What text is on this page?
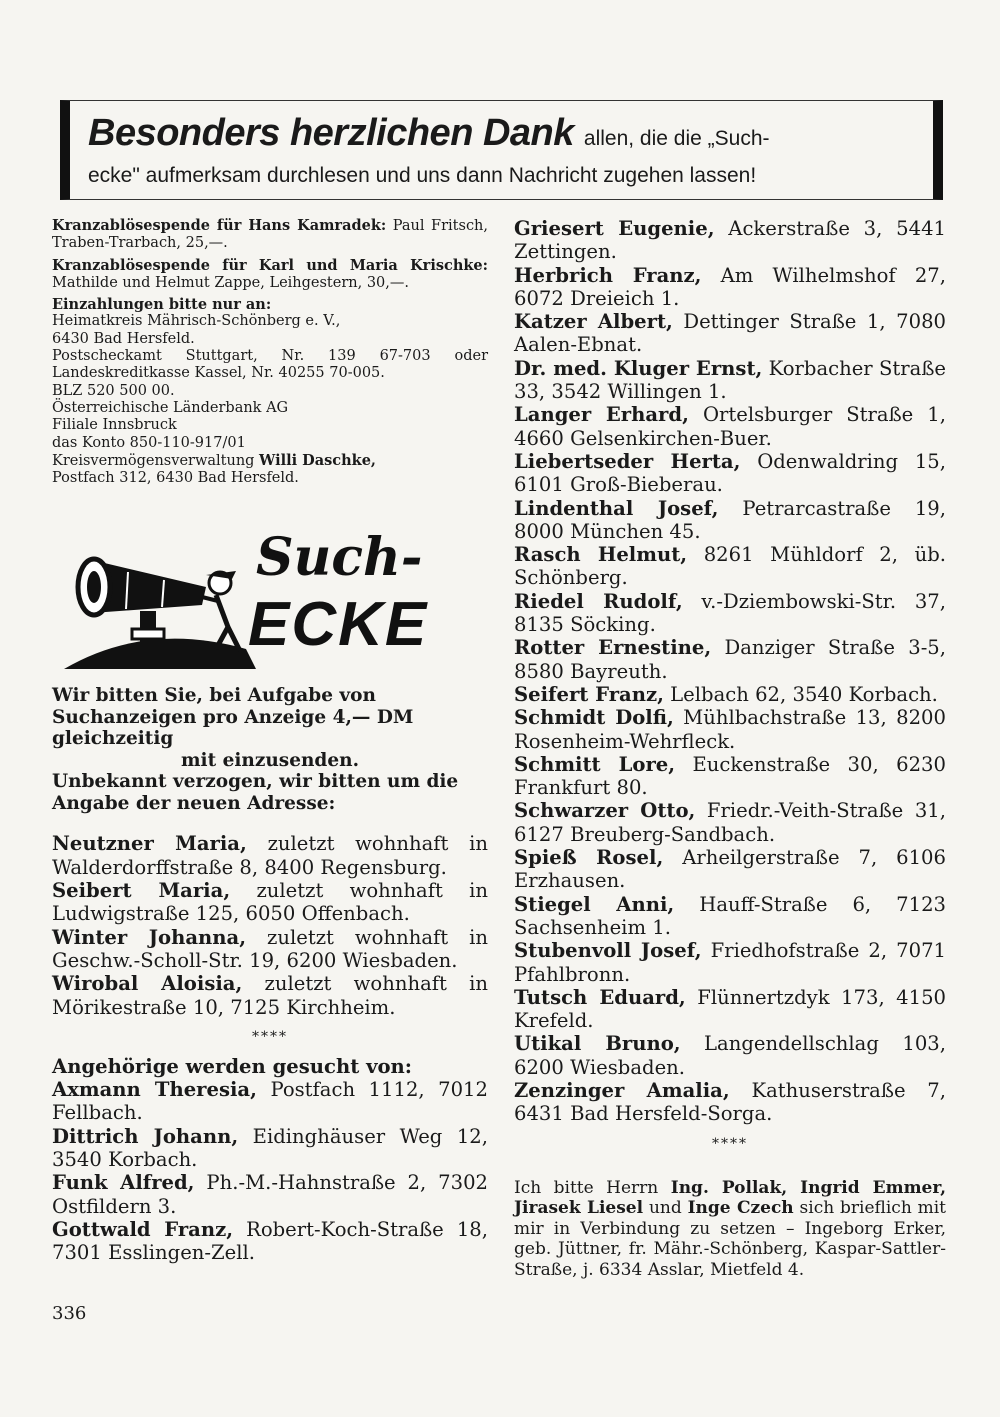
Besonders herzlichen Dank allen, die die „Such-
ecke" aufmerksam durchlesen und uns dann Nachricht zugehen lassen!

Kranzablösespende für Hans Kamradek: Paul Fritsch, Traben-Trarbach, 25,—.

Kranzablösespende für Karl und Maria Krischke: Mathilde und Helmut Zappe, Leihgestern, 30,—.

Einzahlungen bitte nur an:
Heimatkreis Mährisch-Schönberg e. V.,
6430 Bad Hersfeld.
Postscheckamt Stuttgart, Nr. 139 67-703 oder Landeskreditkasse Kassel, Nr. 40255 70-005.
BLZ 520 500 00.
Österreichische Länderbank AG
Filiale Innsbruck
das Konto 850-110-917/01
Kreisvermögensverwaltung Willi Daschke,
Postfach 312, 6430 Bad Hersfeld.

Such-
ECKE
Wir bitten Sie, bei Aufgabe von Suchanzeigen pro Anzeige 4,— DM gleichzeitig
mit einzusenden.
Unbekannt verzogen, wir bitten um die Angabe der neuen Adresse:

Neutzner Maria, zuletzt wohnhaft in Walderdorffstraße 8, 8400 Regensburg.

Seibert Maria, zuletzt wohnhaft in Ludwigstraße 125, 6050 Offenbach.

Winter Johanna, zuletzt wohnhaft in Geschw.-Scholl-Str. 19, 6200 Wiesbaden.

Wirobal Aloisia, zuletzt wohnhaft in Mörikestraße 10, 7125 Kirchheim.

****

Angehörige werden gesucht von:

Axmann Theresia, Postfach 1112, 7012 Fellbach.

Dittrich Johann, Eidinghäuser Weg 12, 3540 Korbach.

Funk Alfred, Ph.-M.-Hahnstraße 2, 7302 Ostfildern 3.

Gottwald Franz, Robert-Koch-Straße 18, 7301 Esslingen-Zell.

Griesert Eugenie, Ackerstraße 3, 5441 Zettingen.

Herbrich Franz, Am Wilhelmshof 27, 6072 Dreieich 1.

Katzer Albert, Dettinger Straße 1, 7080 Aalen-Ebnat.

Dr. med. Kluger Ernst, Korbacher Straße 33, 3542 Willingen 1.

Langer Erhard, Ortelsburger Straße 1, 4660 Gelsenkirchen-Buer.

Liebertseder Herta, Odenwaldring 15, 6101 Groß-Bieberau.

Lindenthal Josef, Petrarcastraße 19, 8000 München 45.

Rasch Helmut, 8261 Mühldorf 2, üb. Schönberg.

Riedel Rudolf, v.-Dziembowski-Str. 37, 8135 Söcking.

Rotter Ernestine, Danziger Straße 3-5, 8580 Bayreuth.

Seifert Franz, Lelbach 62, 3540 Korbach.

Schmidt Dolfi, Mühlbachstraße 13, 8200 Rosenheim-Wehrfleck.

Schmitt Lore, Euckenstraße 30, 6230 Frankfurt 80.

Schwarzer Otto, Friedr.-Veith-Straße 31, 6127 Breuberg-Sandbach.

Spieß Rosel, Arheilgerstraße 7, 6106 Erzhausen.

Stiegel Anni, Hauff-Straße 6, 7123 Sachsenheim 1.

Stubenvoll Josef, Friedhofstraße 2, 7071 Pfahlbronn.

Tutsch Eduard, Flünnertzdyk 173, 4150 Krefeld.

Utikal Bruno, Langendellschlag 103, 6200 Wiesbaden.

Zenzinger Amalia, Kathuserstraße 7, 6431 Bad Hersfeld-Sorga.

****
Ich bitte Herrn Ing. Pollak, Ingrid Emmer, Jirasek Liesel und Inge Czech sich brieflich mit mir in Verbindung zu setzen – Ingeborg Erker, geb. Jüttner, fr. Mähr.-Schönberg, Kaspar-Sattler-Straße, j. 6334 Asslar, Mietfeld 4.
336
